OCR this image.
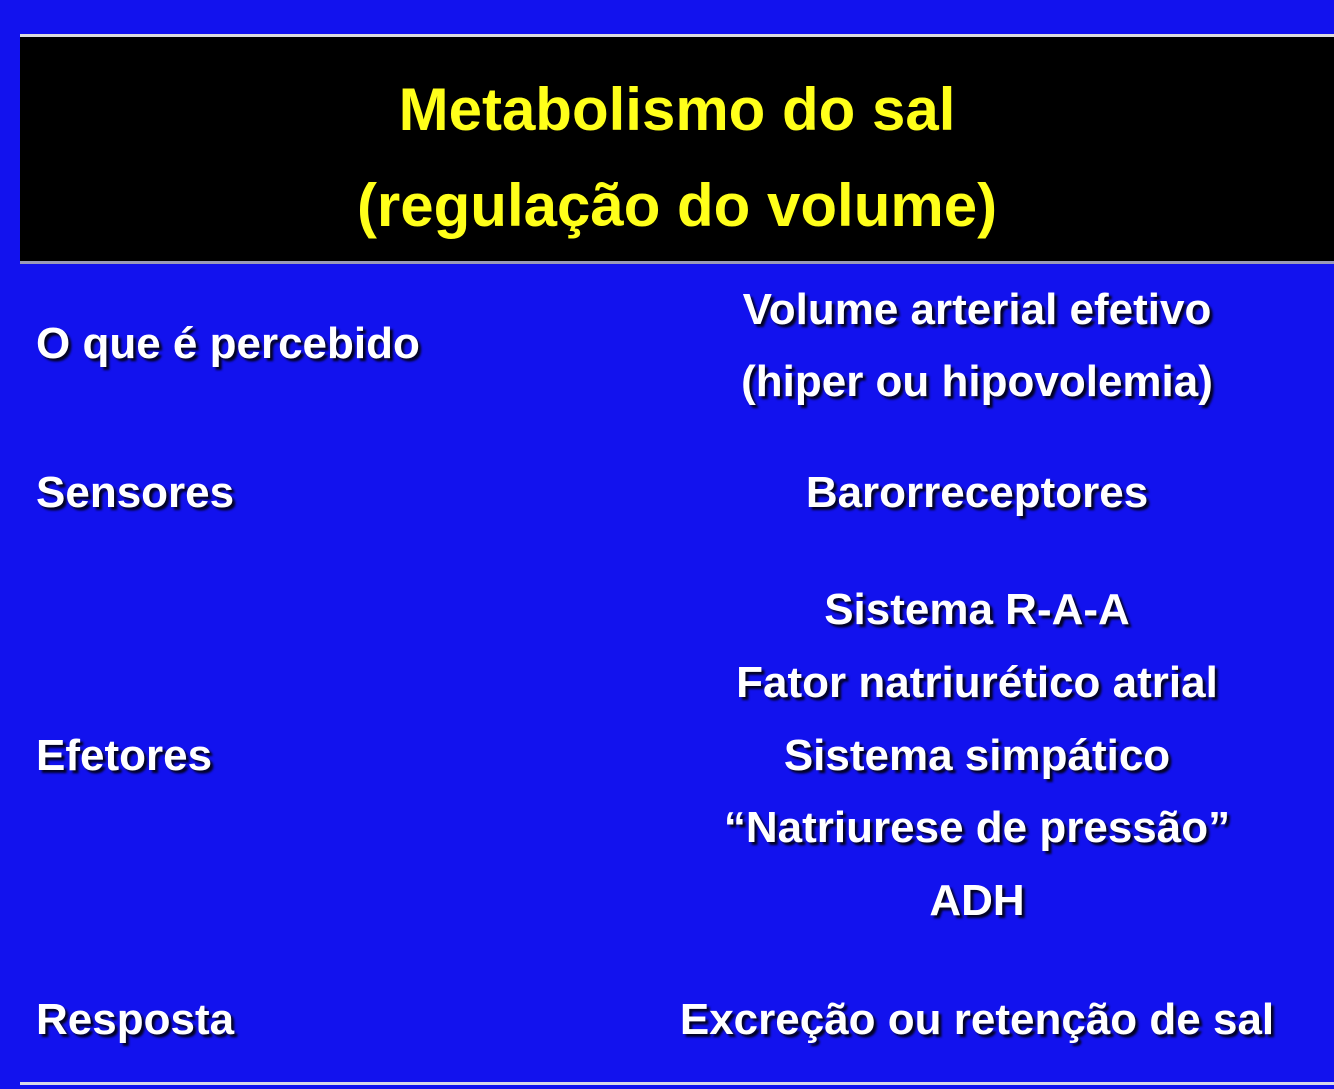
Metabolismo do sal
(regulação do volume)
O que é percebido
Volume arterial efetivo
(hiper ou hipovolemia)
Sensores	Barorreceptores
Efetores
Sistema R-A-A
Fator natriurético atrial
Sistema simpático
“Natriurese de pressão”
ADH
Resposta	Excreção ou retenção de sal
